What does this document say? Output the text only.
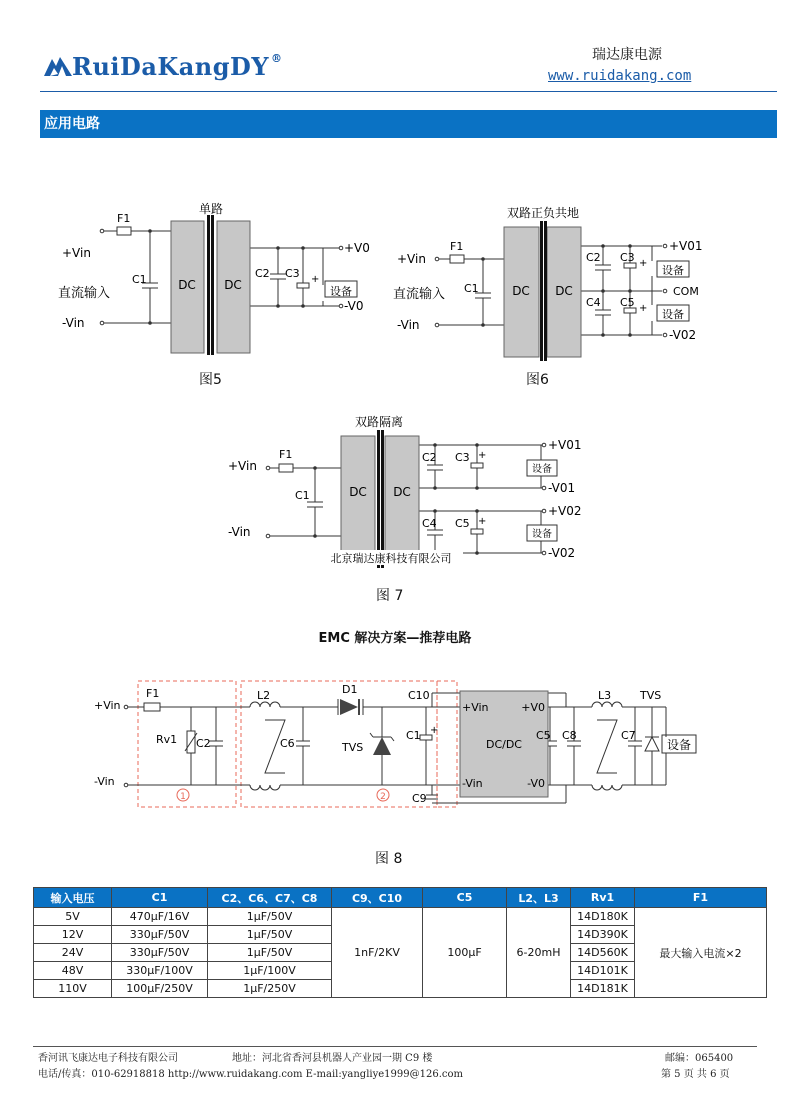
RuiDaKangDY ®	瑞达康电源
www.ruidakang.com
应用电路
DC DC
单路
+Vin
F1
直流输入
C1
-Vin
C2 C3 +
设备
+V0
-V0
图5
DC DC
双路正负共地
+Vin
F1
直流输入 C1
-Vin
C2 C3 +
C4 C5 +
设备
设备
+V01
COM
-V02
图6
DC DC
双路隔离
+Vin
F1
C1
-Vin
C2 C3 +
C4 C5 +
设备
设备
+V01
-V01
+V02
-V02
北京瑞达康科技有限公司
图 7
EMC 解决方案—推荐电路
1	2
+Vin
-Vin
F1
Rv1 C2
L2
C6
D1
TVS
C10
C1 +
C9
+Vin	+V0
DC/DC
-Vin	-V0
C5 C8
L3
C7
TVS
设备
图 8
输入电压	C1	C2、C6、C7、C8	C9、C10	C5	L2、L3	Rv1	F1
5V	470μF/16V	1μF/50V	1nF/2KV	100μF	6-20mH	14D180K	最大输入电流×2
12V	330μF/50V	1μF/50V				14D390K	
24V	330μF/50V	1μF/50V				14D560K	
48V	330μF/100V	1μF/100V				14D101K	
110V	100μF/250V	1μF/250V				14D181K	
香河讯飞康达电子科技有限公司	地址：河北省香河县机器人产业园一期 C9 楼	邮编：065400
电话/传真：010-62918818 http://www.ruidakang.com E-mail:yangliye1999@126.com	第 5 页 共 6 页
